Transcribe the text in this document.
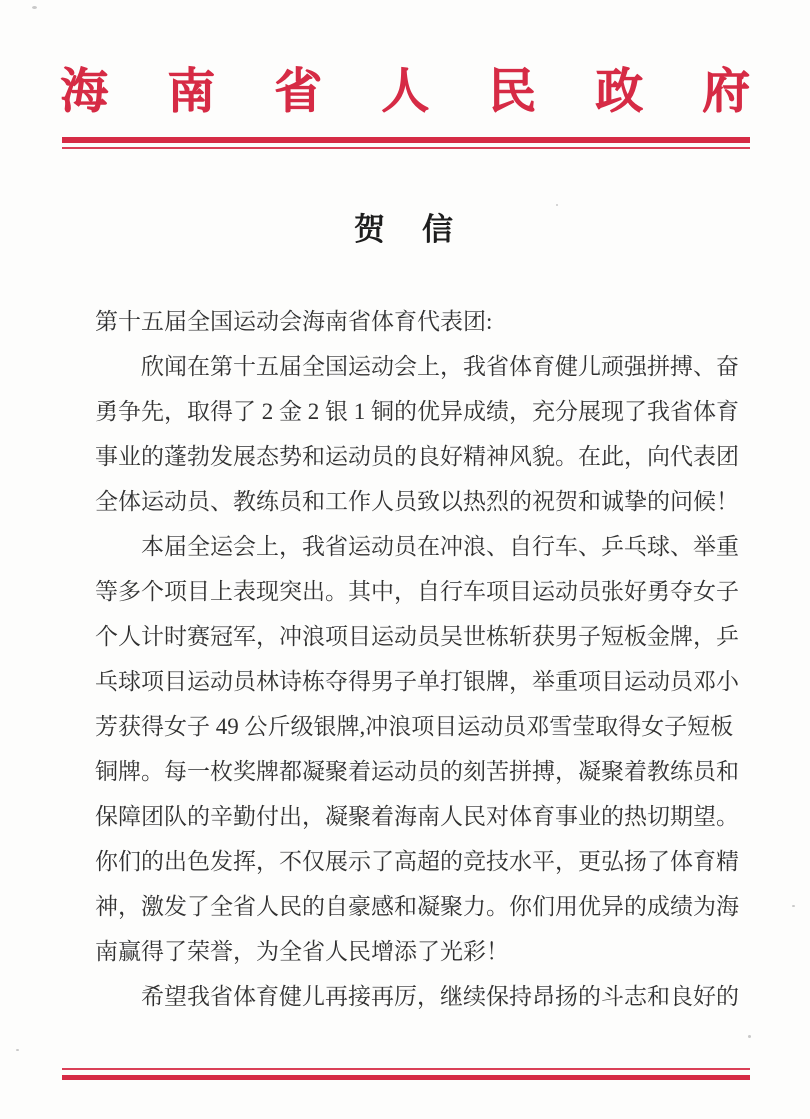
海南省人民政府
贺　信

第十五届全国运动会海南省体育代表团:

欣闻在第十五届全国运动会上，我省体育健儿顽强拼搏、奋

勇争先，取得了 2 金 2 银 1 铜的优异成绩，充分展现了我省体育

事业的蓬勃发展态势和运动员的良好精神风貌。在此，向代表团

全体运动员、教练员和工作人员致以热烈的祝贺和诚挚的问候！

本届全运会上，我省运动员在冲浪、自行车、乒乓球、举重

等多个项目上表现突出。其中，自行车项目运动员张好勇夺女子

个人计时赛冠军，冲浪项目运动员吴世栋斩获男子短板金牌，乒

乓球项目运动员林诗栋夺得男子单打银牌，举重项目运动员邓小

芳获得女子 49 公斤级银牌,冲浪项目运动员邓雪莹取得女子短板

铜牌。每一枚奖牌都凝聚着运动员的刻苦拼搏，凝聚着教练员和

保障团队的辛勤付出，凝聚着海南人民对体育事业的热切期望。

你们的出色发挥，不仅展示了高超的竞技水平，更弘扬了体育精

神，激发了全省人民的自豪感和凝聚力。你们用优异的成绩为海

南赢得了荣誉，为全省人民增添了光彩！

希望我省体育健儿再接再厉，继续保持昂扬的斗志和良好的
